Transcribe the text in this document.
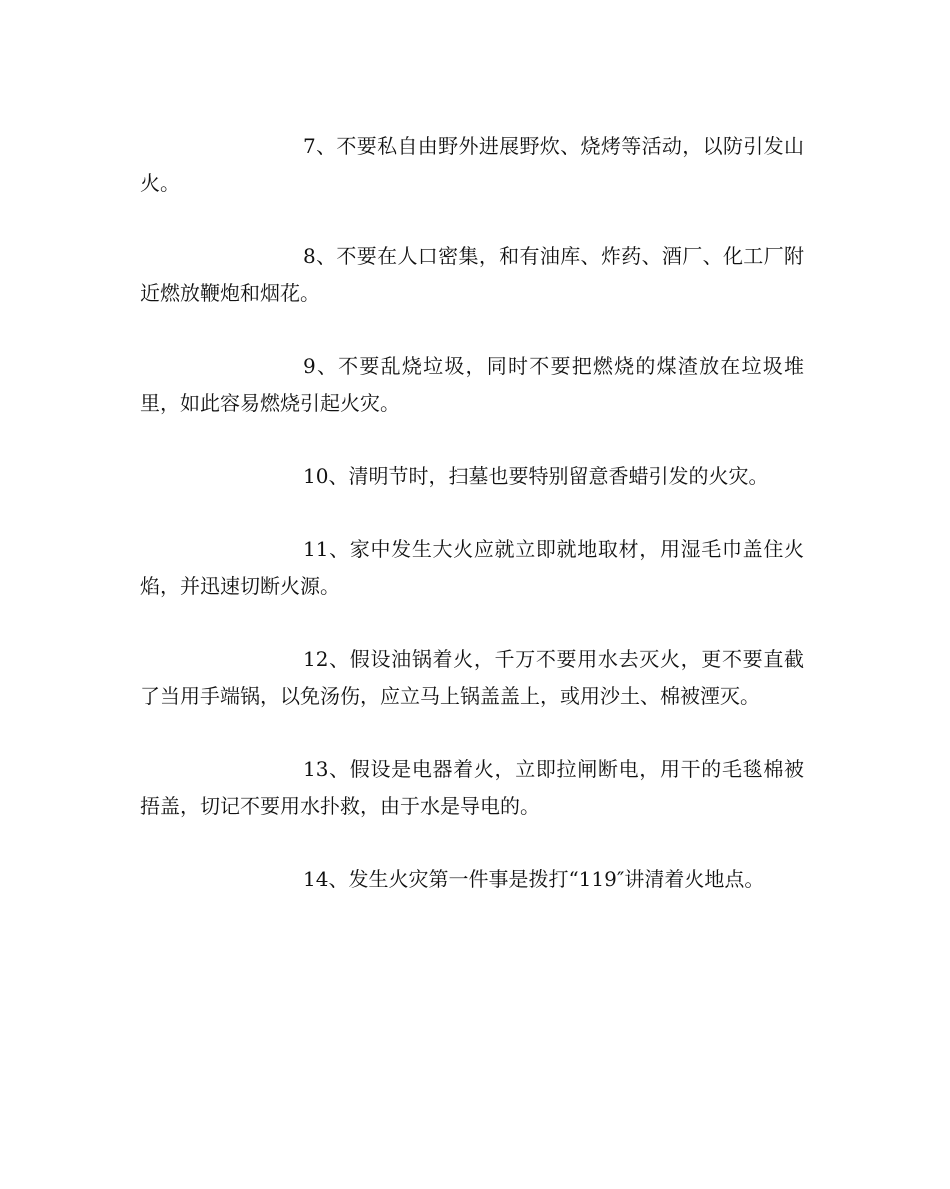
7、不要私自由野外进展野炊、烧烤等活动，以防引发山火。

8、不要在人口密集，和有油库、炸药、酒厂、化工厂附近燃放鞭炮和烟花。

9、不要乱烧垃圾，同时不要把燃烧的煤渣放在垃圾堆里，如此容易燃烧引起火灾。

10、清明节时，扫墓也要特别留意香蜡引发的火灾。

11、家中发生大火应就立即就地取材，用湿毛巾盖住火焰，并迅速切断火源。

12、假设油锅着火，千万不要用水去灭火，更不要直截了当用手端锅，以免汤伤，应立马上锅盖盖上，或用沙土、棉被湮灭。

13、假设是电器着火，立即拉闸断电，用干的毛毯棉被捂盖，切记不要用水扑救，由于水是导电的。

14、发生火灾第一件事是拨打“119″讲清着火地点。
